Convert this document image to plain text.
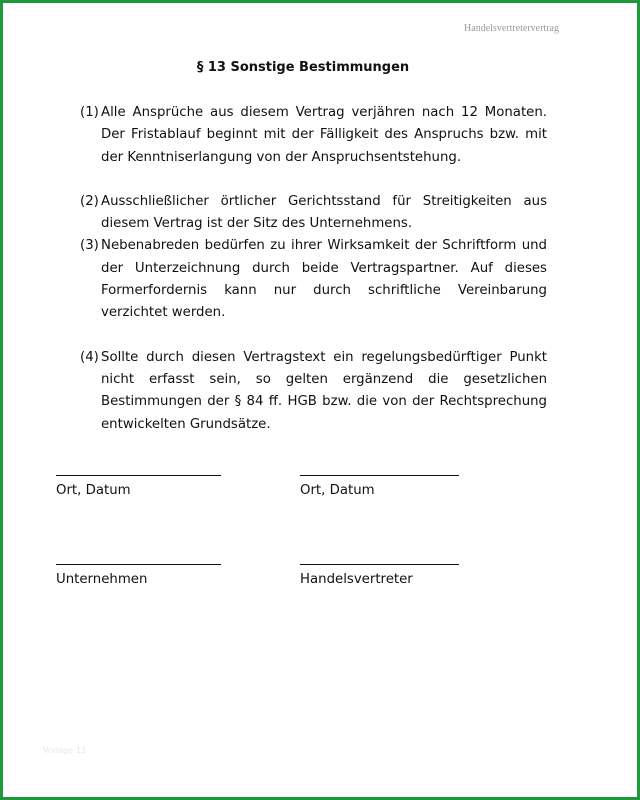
Handelsvertretervertrag
§ 13 Sonstige Bestimmungen
(1) Alle Ansprüche aus diesem Vertrag verjähren nach 12 Monaten. Der Fristablauf beginnt mit der Fälligkeit des Anspruchs bzw. mit der Kenntniserlangung von der Anspruchsentstehung.
(2) Ausschließlicher örtlicher Gerichtsstand für Streitigkeiten aus diesem Vertrag ist der Sitz des Unternehmens.
(3) Nebenabreden bedürfen zu ihrer Wirksamkeit der Schriftform und der Unterzeichnung durch beide Vertragspartner. Auf dieses Formerfordernis kann nur durch schriftliche Vereinbarung verzichtet werden.
(4) Sollte durch diesen Vertragstext ein regelungsbedürftiger Punkt nicht erfasst sein, so gelten ergänzend die gesetzlichen Bestimmungen der § 84 ff. HGB bzw. die von der Rechtsprechung entwickelten Grundsätze.
Ort, Datum	Ort, Datum
Unternehmen	Handelsvertreter
Vorlage 13
